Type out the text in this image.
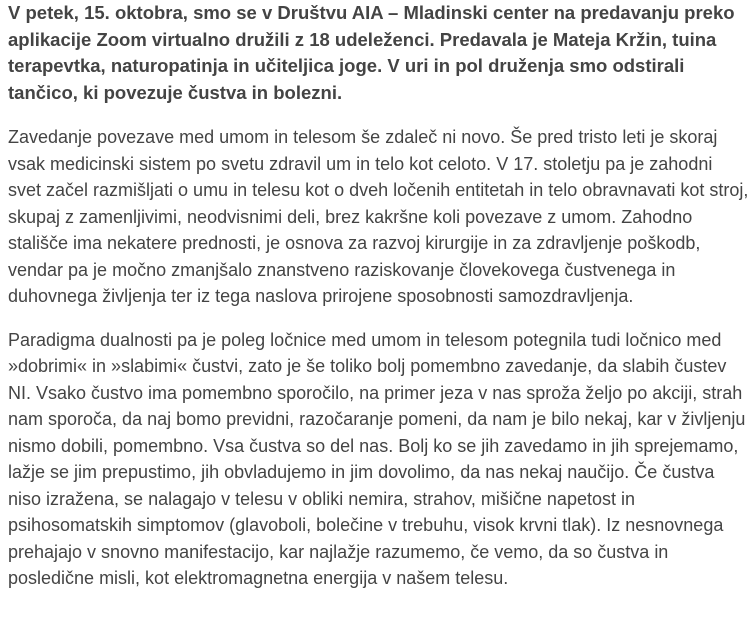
V petek, 15. oktobra, smo se v Društvu AIA – Mladinski center na predavanju preko aplikacije Zoom virtualno družili z 18 udeleženci. Predavala je Mateja Kržin, tuina terapevtka, naturopatinja in učiteljica joge. V uri in pol druženja smo odstirali tančico, ki povezuje čustva in bolezni.

Zavedanje povezave med umom in telesom še zdaleč ni novo. Še pred tristo leti je skoraj vsak medicinski sistem po svetu zdravil um in telo kot celoto. V 17. stoletju pa je zahodni svet začel razmišljati o umu in telesu kot o dveh ločenih entitetah in telo obravnavati kot stroj, skupaj z zamenljivimi, neodvisnimi deli, brez kakršne koli povezave z umom. Zahodno stališče ima nekatere prednosti, je osnova za razvoj kirurgije in za zdravljenje poškodb, vendar pa je močno zmanjšalo znanstveno raziskovanje človekovega čustvenega in duhovnega življenja ter iz tega naslova prirojene sposobnosti samozdravljenja.

Paradigma dualnosti pa je poleg ločnice med umom in telesom potegnila tudi ločnico med »dobrimi« in »slabimi« čustvi, zato je še toliko bolj pomembno zavedanje, da slabih čustev NI. Vsako čustvo ima pomembno sporočilo, na primer jeza v nas sproža željo po akciji, strah nam sporoča, da naj bomo previdni, razočaranje pomeni, da nam je bilo nekaj, kar v življenju nismo dobili, pomembno. Vsa čustva so del nas. Bolj ko se jih zavedamo in jih sprejemamo, lažje se jim prepustimo, jih obvladujemo in jim dovolimo, da nas nekaj naučijo. Če čustva niso izražena, se nalagajo v telesu v obliki nemira, strahov, mišične napetost in psihosomatskih simptomov (glavoboli, bolečine v trebuhu, visok krvni tlak). Iz nesnovnega prehajajo v snovno manifestacijo, kar najlažje razumemo, če vemo, da so čustva in posledične misli, kot elektromagnetna energija v našem telesu.
